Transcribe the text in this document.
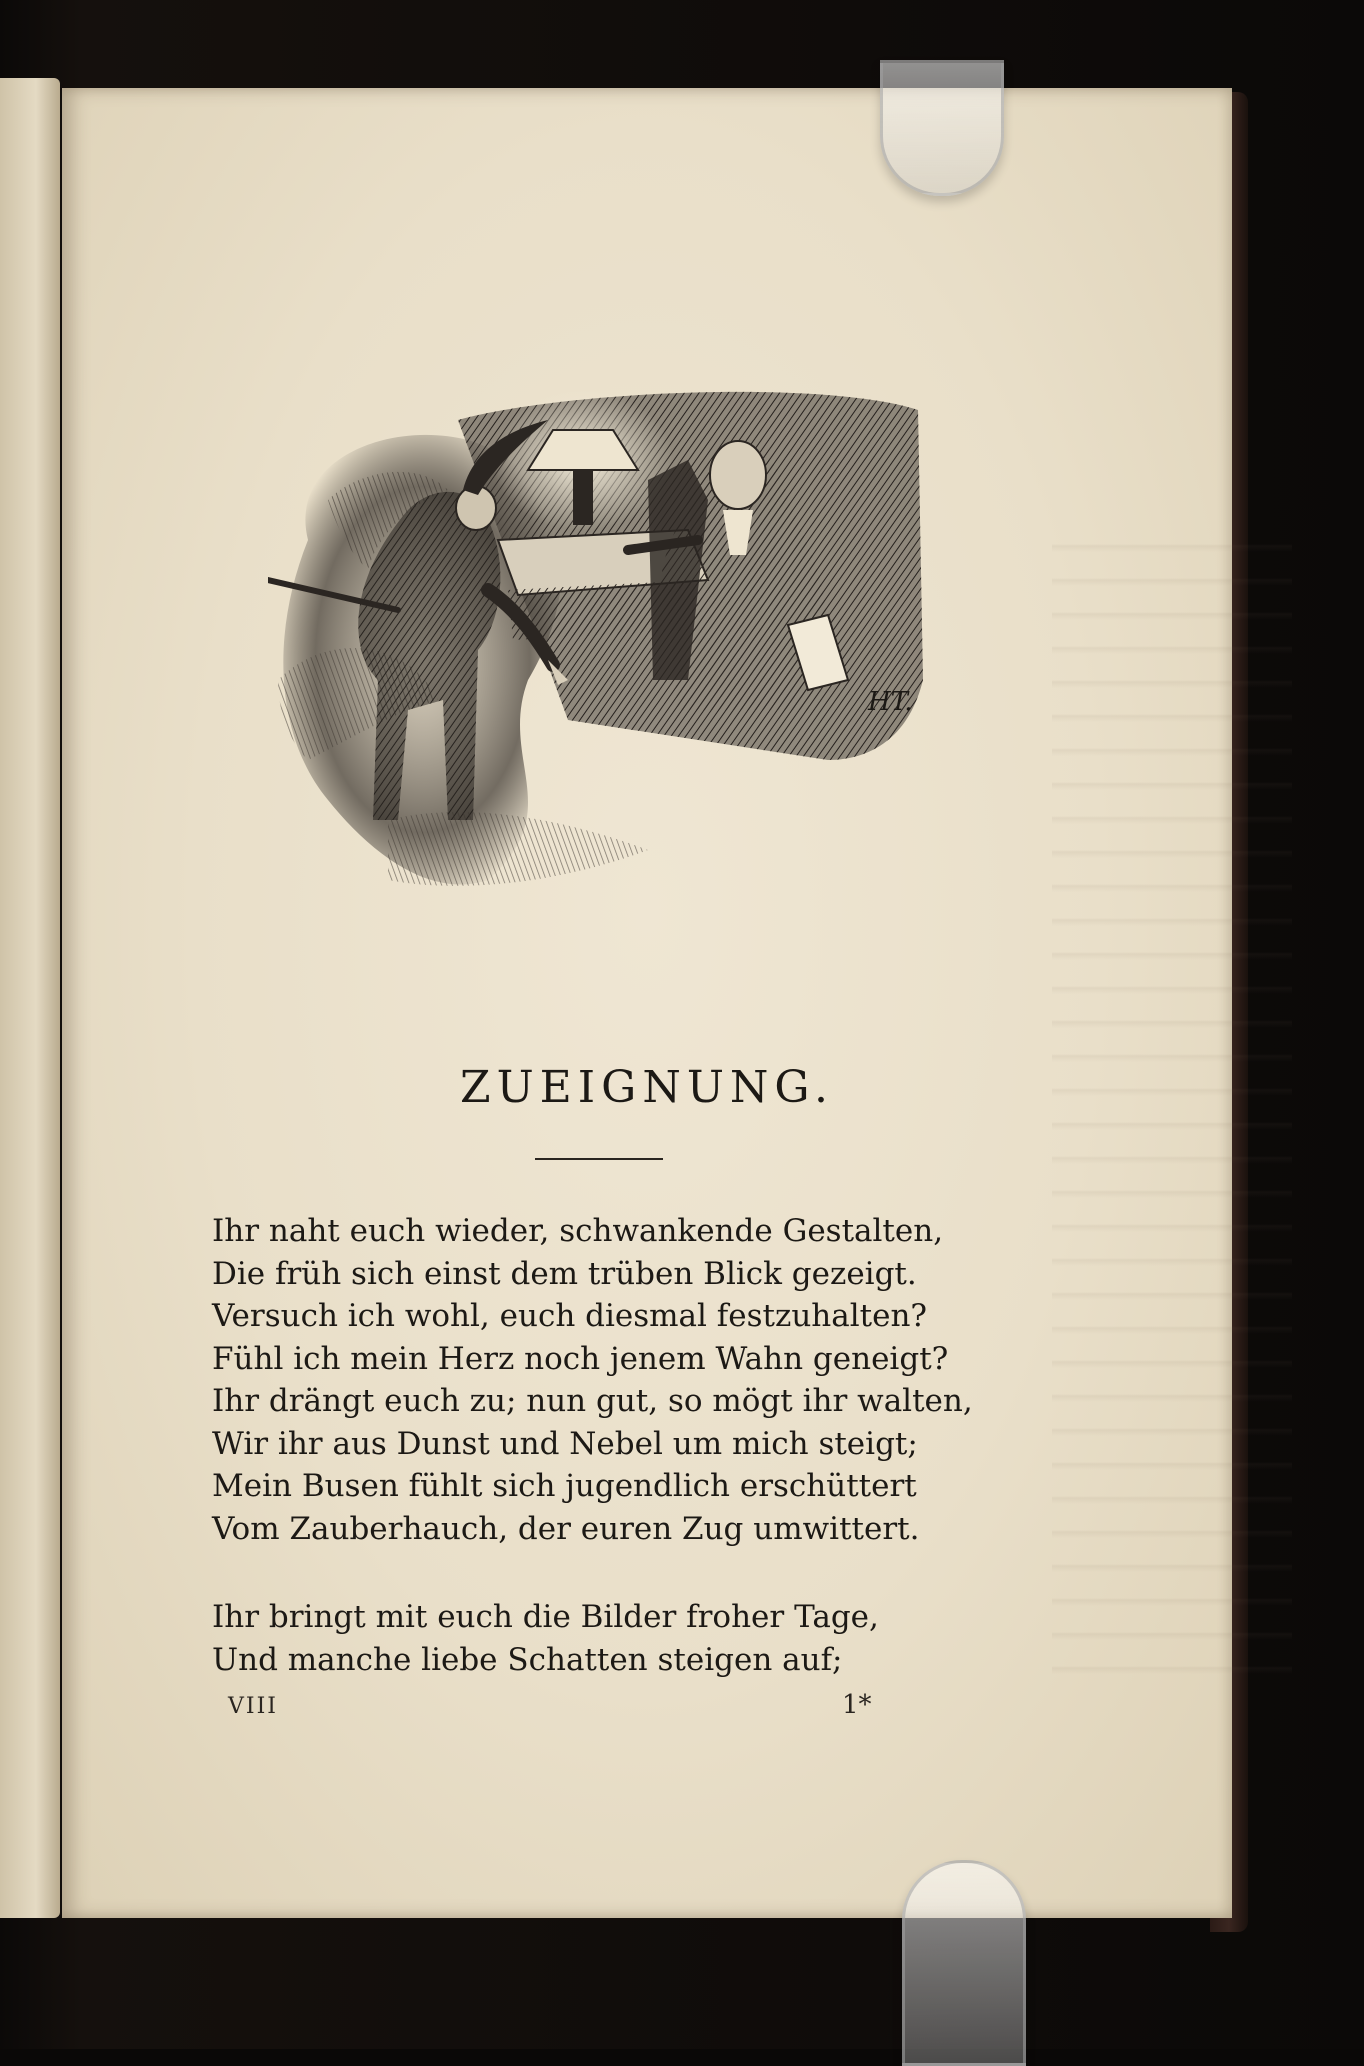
HT.
ZUEIGNUNG.
Ihr naht euch wieder, schwankende Gestalten,
Die früh sich einst dem trüben Blick gezeigt.
Versuch ich wohl, euch diesmal festzuhalten?
Fühl ich mein Herz noch jenem Wahn geneigt?
Ihr drängt euch zu; nun gut, so mögt ihr walten,
Wir ihr aus Dunst und Nebel um mich steigt;
Mein Busen fühlt sich jugendlich erschüttert
Vom Zauberhauch, der euren Zug umwittert.
Ihr bringt mit euch die Bilder froher Tage,
Und manche liebe Schatten steigen auf;
VIII	1*
